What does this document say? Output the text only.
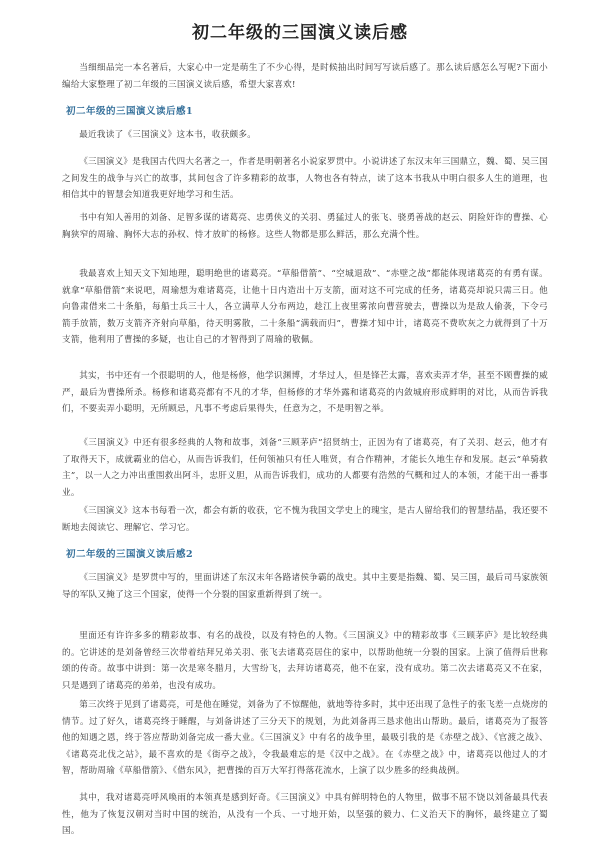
初二年级的三国演义读后感

当细细品完一本名著后，大家心中一定是萌生了不少心得，是时候抽出时间写写读后感了。那么读后感怎么写呢?下面小编给大家整理了初二年级的三国演义读后感，希望大家喜欢!

初二年级的三国演义读后感1

最近我读了《三国演义》这本书，收获颇多。

《三国演义》是我国古代四大名著之一，作者是明朝著名小说家罗贯中。小说讲述了东汉末年三国鼎立，魏、蜀、吴三国之间发生的战争与兴亡的故事，其间包含了许多精彩的故事，人物也各有特点，读了这本书我从中明白很多人生的道理，也相信其中的智慧会知道我更好地学习和生活。

书中有知人善用的刘备、足智多谋的诸葛亮、忠勇侠义的关羽、勇猛过人的张飞、骁勇善战的赵云、阴险奸诈的曹操、心胸狭窄的周瑜、胸怀大志的孙权、恃才放旷的杨修。这些人物都是那么鲜活，那么充满个性。

我最喜欢上知天文下知地理，聪明绝世的诸葛亮。“草船借箭”、“空城退敌”、“赤壁之战”都能体现诸葛亮的有勇有谋。就拿“草船借箭”来说吧，周瑜想为难诸葛亮，让他十日内造出十万支箭，面对这不可完成的任务，诸葛亮却说只需三日。他向鲁肃借来二十条船，每船士兵三十人，各立满草人分布两边，趁江上夜里雾浓向曹营驶去，曹操以为是敌人偷袭，下令弓箭手放箭，数万支箭齐齐射向草船，待天明雾散，二十条船“满载而归”，曹操才知中计，诸葛亮不费吹灰之力就得到了十万支箭，他利用了曹操的多疑，也让自己的才智得到了周瑜的敬佩。

其实，书中还有一个很聪明的人，他是杨修，他学识渊博，才华过人，但是锋芒太露，喜欢卖弄才华，甚至不顾曹操的威严，最后为曹操所杀。杨修和诸葛亮都有不凡的才华，但杨修的才华外露和诸葛亮的内敛城府形成鲜明的对比，从而告诉我们，不要卖弄小聪明，无所顾忌，凡事不考虑后果得失，任意为之，不是明智之举。

《三国演义》中还有很多经典的人物和故事，刘备“三顾茅庐”招贤纳士，正因为有了诸葛亮，有了关羽、赵云，他才有了取得天下，成就霸业的信心，从而告诉我们，任何领袖只有任人唯贤，有合作精神，才能长久地生存和发展。赵云“单骑救主”，以一人之力冲出重围救出阿斗，忠肝义胆，从而告诉我们，成功的人都要有浩然的气概和过人的本领，才能干出一番事业。

《三国演义》这本书每看一次，都会有新的收获，它不愧为我国文学史上的瑰宝，是古人留给我们的智慧结晶，我还要不断地去阅读它、理解它、学习它。

初二年级的三国演义读后感2

《三国演义》是罗贯中写的，里面讲述了东汉末年各路诸侯争霸的战史。其中主要是指魏、蜀、吴三国，最后司马家族领导的军队又掩了这三个国家，使得一个分裂的国家重新得到了统一。

里面还有许许多多的精彩故事、有名的战役，以及有特色的人物。《三国演义》中的精彩故事《三顾茅庐》是比较经典的。它讲述的是刘备曾经三次带着结拜兄弟关羽、张飞去诸葛亮居住的家中，以帮助他统一分裂的国家。上演了值得后世称颂的传奇。故事中讲到：第一次是寒冬腊月，大雪纷飞，去拜访诸葛亮，他不在家，没有成功。第二次去诸葛亮又不在家，只是遇到了诸葛亮的弟弟，也没有成功。

第三次终于见到了诸葛亮，可是他在睡觉，刘备为了不惊醒他，就地等待多时，其中还出现了急性子的张飞差一点烧房的情节。过了好久，诸葛亮终于睡醒，与刘备讲述了三分天下的规划，为此刘备再三恳求他出山帮助。最后，诸葛亮为了报答他的知遇之恩，终于答应帮助刘备完成一番大业。《三国演义》中有名的战争里，最吸引我的是《赤壁之战》、《官渡之战》、《诸葛亮北伐之站》，最不喜欢的是《街亭之战》，令我最难忘的是《汉中之战》。在《赤壁之战》中，诸葛亮以他过人的才智，帮助周瑜《草船借箭》、《借东风》，把曹操的百万大军打得落花流水，上演了以少胜多的经典战例。

其中，我对诸葛亮呼风唤雨的本领真是感到好奇。《三国演义》中具有鲜明特色的人物里，做事不屈不饶以刘备最具代表性，他为了恢复汉朝对当时中国的统治，从没有一个兵、一寸地开始，以坚强的毅力、仁义治天下的胸怀，最终建立了蜀国。
